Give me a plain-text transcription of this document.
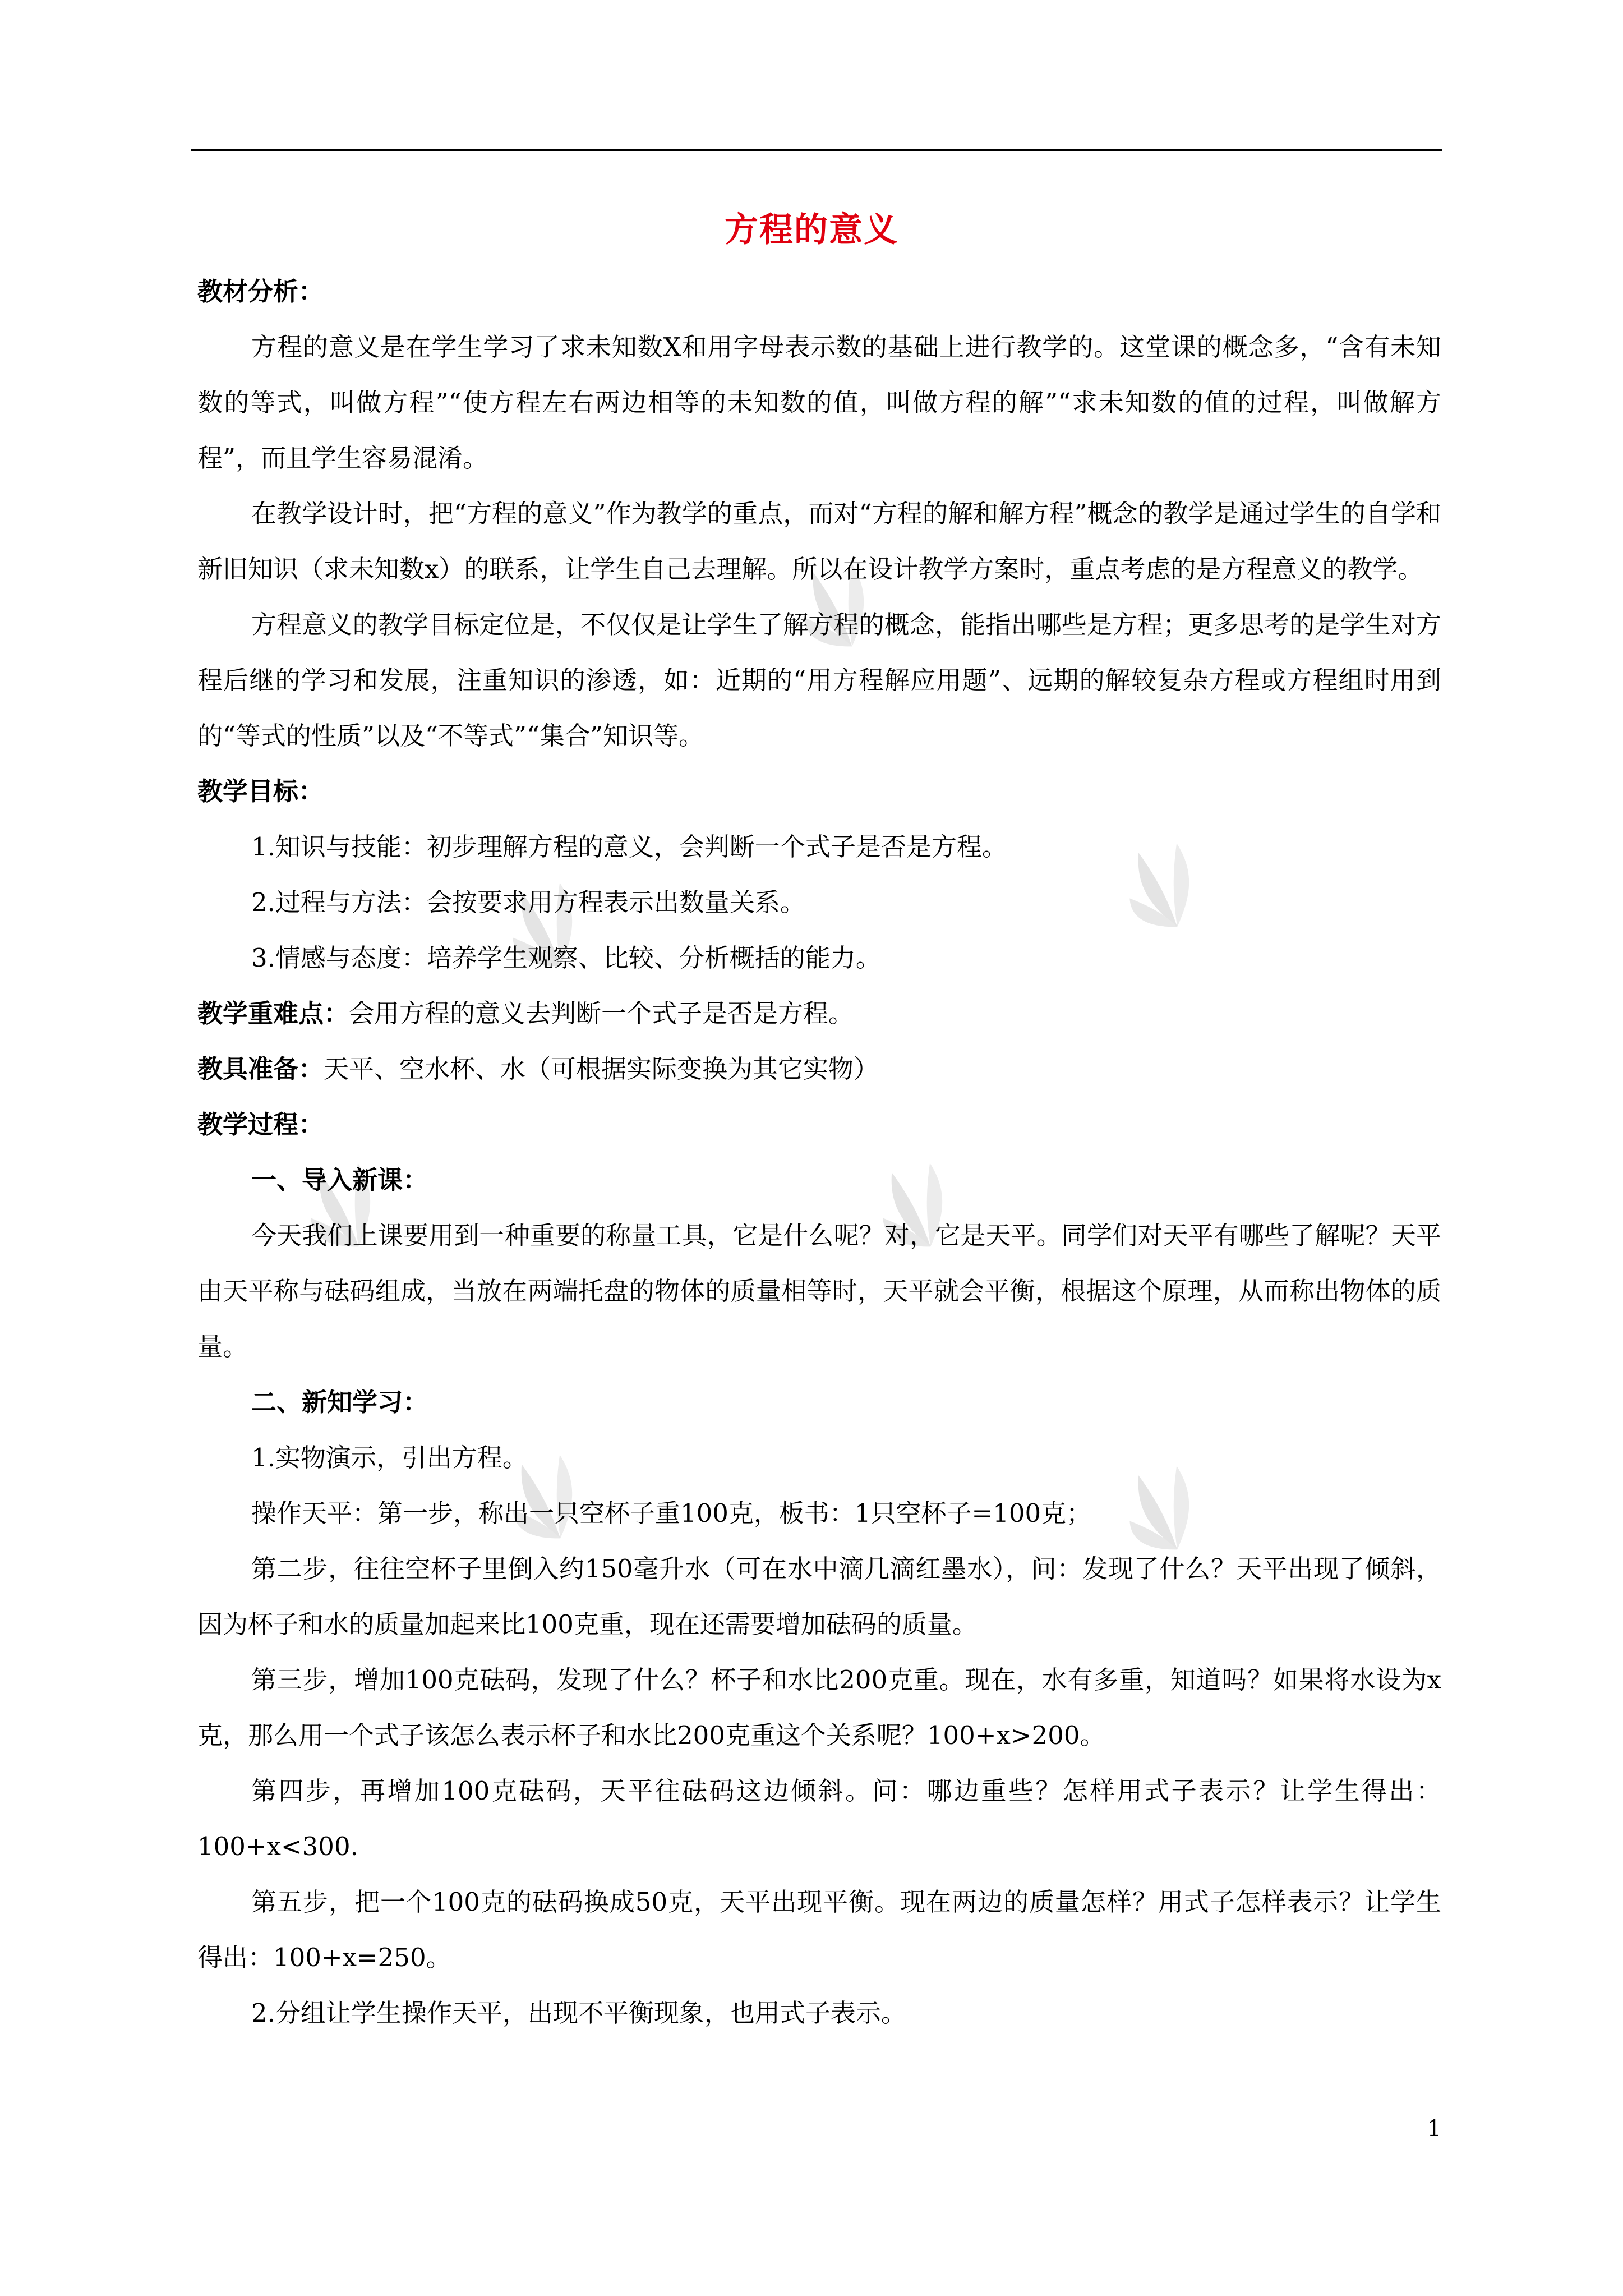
方程的意义

教材分析：

方程的意义是在学生学习了求未知数X和用字母表示数的基础上进行教学的。这堂课的概念多，“含有未知数的等式，叫做方程”“使方程左右两边相等的未知数的值，叫做方程的解”“求未知数的值的过程，叫做解方程”，而且学生容易混淆。

在教学设计时，把“方程的意义”作为教学的重点，而对“方程的解和解方程”概念的教学是通过学生的自学和新旧知识（求未知数x）的联系，让学生自己去理解。所以在设计教学方案时，重点考虑的是方程意义的教学。

方程意义的教学目标定位是，不仅仅是让学生了解方程的概念，能指出哪些是方程；更多思考的是学生对方程后继的学习和发展，注重知识的渗透，如：近期的“用方程解应用题”、远期的解较复杂方程或方程组时用到的“等式的性质”以及“不等式”“集合”知识等。

教学目标：

1.知识与技能：初步理解方程的意义，会判断一个式子是否是方程。

2.过程与方法：会按要求用方程表示出数量关系。

3.情感与态度：培养学生观察、比较、分析概括的能力。

教学重难点：会用方程的意义去判断一个式子是否是方程。

教具准备：天平、空水杯、水（可根据实际变换为其它实物）

教学过程：

一、导入新课：

今天我们上课要用到一种重要的称量工具，它是什么呢？对，它是天平。同学们对天平有哪些了解呢？天平由天平称与砝码组成，当放在两端托盘的物体的质量相等时，天平就会平衡，根据这个原理，从而称出物体的质量。

二、新知学习：

1.实物演示，引出方程。

操作天平：第一步，称出一只空杯子重100克，板书：1只空杯子=100克；

第二步，往往空杯子里倒入约150毫升水（可在水中滴几滴红墨水），问：发现了什么？天平出现了倾斜，因为杯子和水的质量加起来比100克重，现在还需要增加砝码的质量。

第三步，增加100克砝码，发现了什么？杯子和水比200克重。现在，水有多重，知道吗？如果将水设为x克，那么用一个式子该怎么表示杯子和水比200克重这个关系呢？100+x>200。

第四步，再增加100克砝码，天平往砝码这边倾斜。问：哪边重些？怎样用式子表示？让学生得出：100+x<300.

第五步，把一个100克的砝码换成50克，天平出现平衡。现在两边的质量怎样？用式子怎样表示？让学生得出：100+x=250。

2.分组让学生操作天平，出现不平衡现象，也用式子表示。

1
